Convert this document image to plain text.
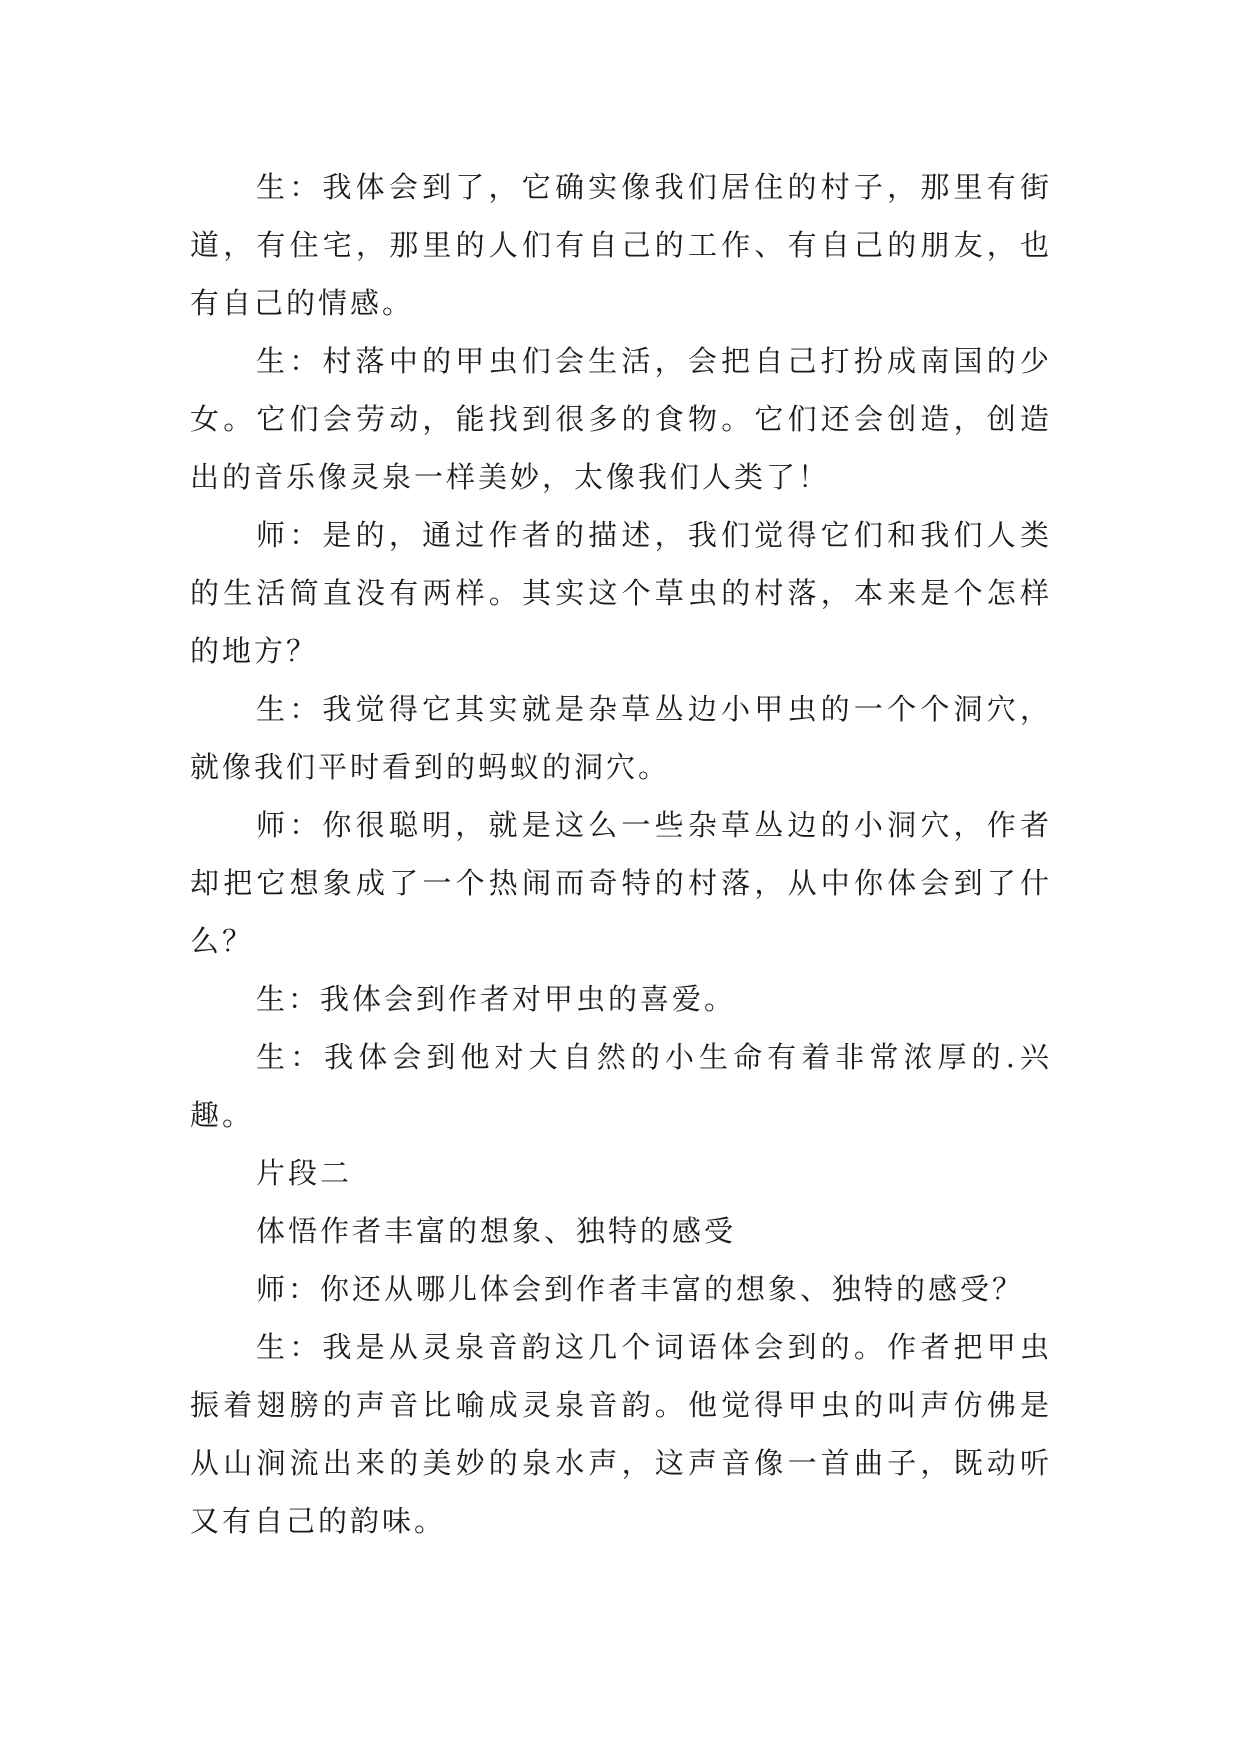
生：我体会到了，它确实像我们居住的村子，那里有街道，有住宅，那里的人们有自己的工作、有自己的朋友，也有自己的情感。

生：村落中的甲虫们会生活，会把自己打扮成南国的少女。它们会劳动，能找到很多的食物。它们还会创造，创造出的音乐像灵泉一样美妙，太像我们人类了！

师：是的，通过作者的描述，我们觉得它们和我们人类的生活简直没有两样。其实这个草虫的村落，本来是个怎样的地方？

生：我觉得它其实就是杂草丛边小甲虫的一个个洞穴，就像我们平时看到的蚂蚁的洞穴。

师：你很聪明，就是这么一些杂草丛边的小洞穴，作者却把它想象成了一个热闹而奇特的村落，从中你体会到了什么？

生：我体会到作者对甲虫的喜爱。

生：我体会到他对大自然的小生命有着非常浓厚的.兴趣。

片段二

体悟作者丰富的想象、独特的感受

师：你还从哪儿体会到作者丰富的想象、独特的感受？

生：我是从灵泉音韵这几个词语体会到的。作者把甲虫振着翅膀的声音比喻成灵泉音韵。他觉得甲虫的叫声仿佛是从山涧流出来的美妙的泉水声，这声音像一首曲子，既动听又有自己的韵味。
